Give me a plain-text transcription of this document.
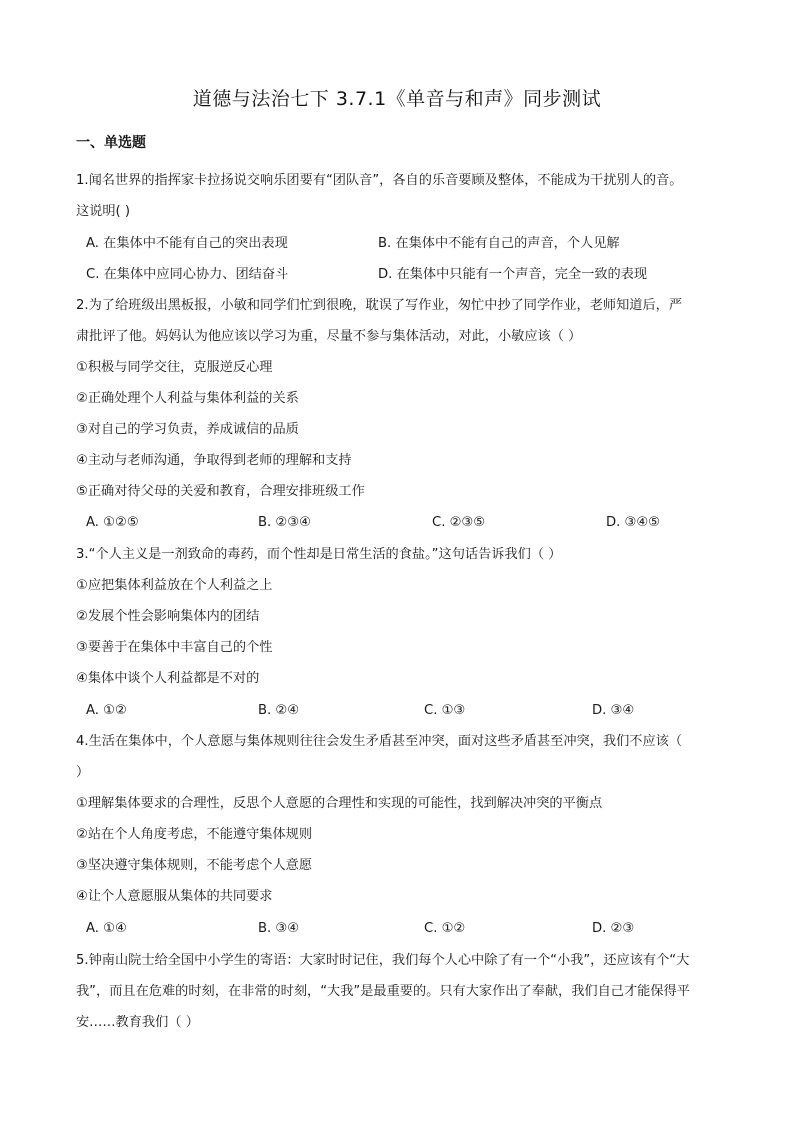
道德与法治七下 3.7.1《单音与和声》同步测试
一、单选题
1.闻名世界的指挥家卡拉扬说交响乐团要有“团队音”，各自的乐音要顾及整体，不能成为干扰别人的音。
这说明( )
A. 在集体中不能有自己的突出表现	B. 在集体中不能有自己的声音，个人见解
C. 在集体中应同心协力、团结奋斗	D. 在集体中只能有一个声音，完全一致的表现
2.为了给班级出黑板报，小敏和同学们忙到很晚，耽误了写作业，匆忙中抄了同学作业，老师知道后，严
肃批评了他。妈妈认为他应该以学习为重，尽量不参与集体活动，对此，小敏应该（ ）
①积极与同学交往，克服逆反心理
②正确处理个人利益与集体利益的关系
③对自己的学习负责，养成诚信的品质
④主动与老师沟通，争取得到老师的理解和支持
⑤正确对待父母的关爱和教育，合理安排班级工作
A. ①②⑤	B. ②③④	C. ②③⑤	D. ③④⑤
3.“个人主义是一剂致命的毒药，而个性却是日常生活的食盐。”这句话告诉我们（ ）
①应把集体利益放在个人利益之上
②发展个性会影响集体内的团结
③要善于在集体中丰富自己的个性
④集体中谈个人利益都是不对的
A. ①②	B. ②④	C. ①③	D. ③④
4.生活在集体中，个人意愿与集体规则往往会发生矛盾甚至冲突，面对这些矛盾甚至冲突，我们不应该（
）
①理解集体要求的合理性，反思个人意愿的合理性和实现的可能性，找到解决冲突的平衡点
②站在个人角度考虑，不能遵守集体规则
③坚决遵守集体规则，不能考虑个人意愿
④让个人意愿服从集体的共同要求
A. ①④	B. ③④	C. ①②	D. ②③
5.钟南山院士给全国中小学生的寄语：大家时时记住，我们每个人心中除了有一个“小我”，还应该有个“大
我”，而且在危难的时刻，在非常的时刻，“大我”是最重要的。只有大家作出了奉献，我们自己才能保得平
安……教育我们（ ）
